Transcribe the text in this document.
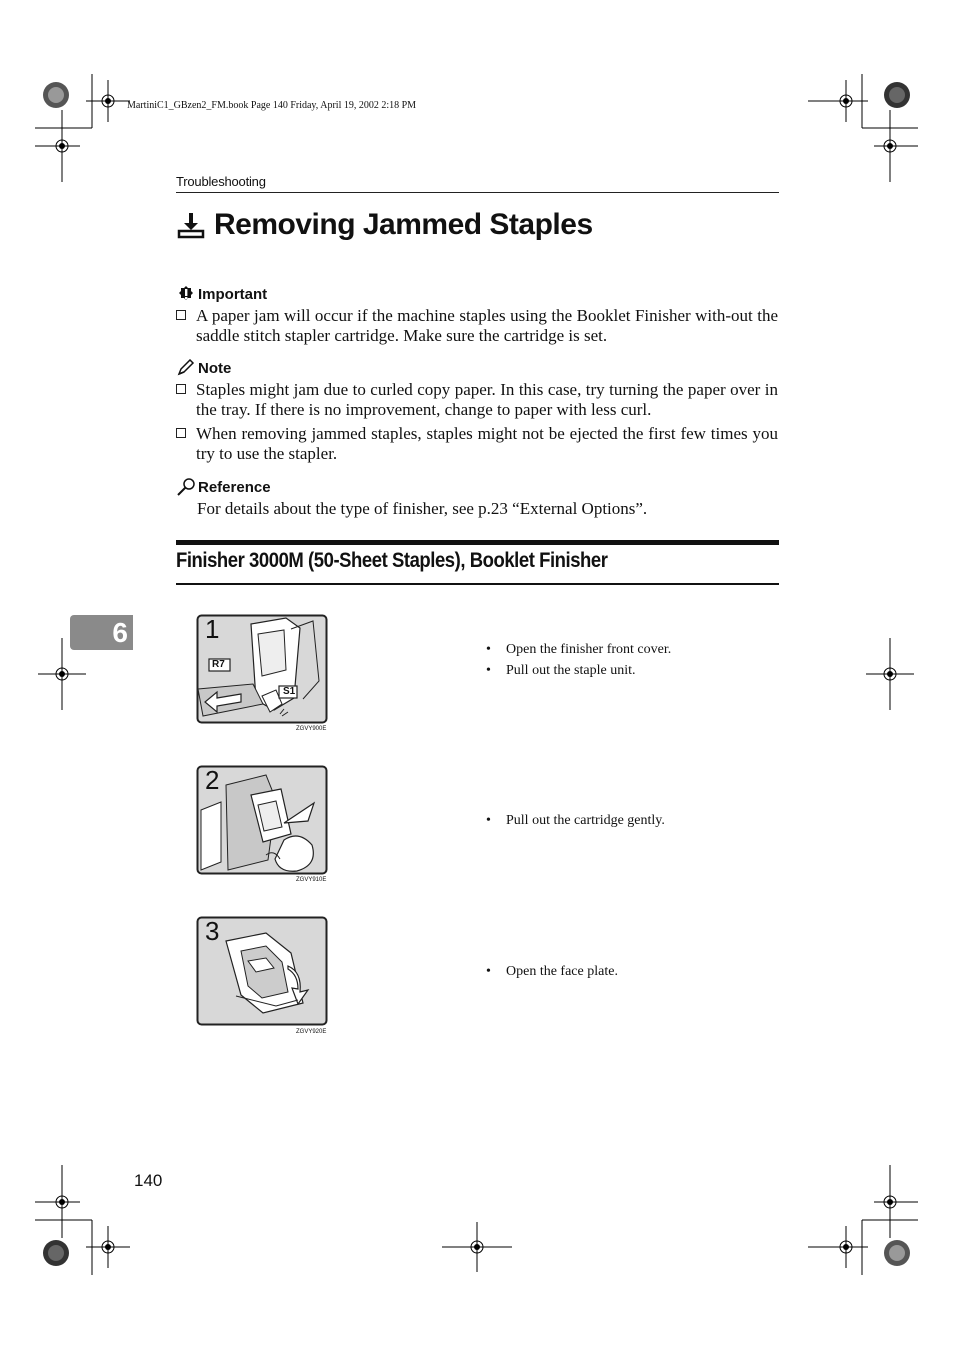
MartiniC1_GBzen2_FM.book Page 140 Friday, April 19, 2002 2:18 PM
Troubleshooting
Removing Jammed Staples
Important
A paper jam will occur if the machine staples using the Booklet Finisher with-out the saddle stitch stapler cartridge. Make sure the cartridge is set.
Note
Staples might jam due to curled copy paper. In this case, try turning the paper over in the tray. If there is no improvement, change to paper with less curl.
When removing jammed staples, staples might not be ejected the first few times you try to use the stapler.
Reference
For details about the type of finisher, see p.23 “External Options”.
Finisher 3000M (50-Sheet Staples), Booklet Finisher
6	1
R7
S1
ZGVY900E
• Open the finisher front cover.
• Pull out the staple unit.
2
ZGVY910E
• Pull out the cartridge gently.
3
ZGVY920E
• Open the face plate.
140
